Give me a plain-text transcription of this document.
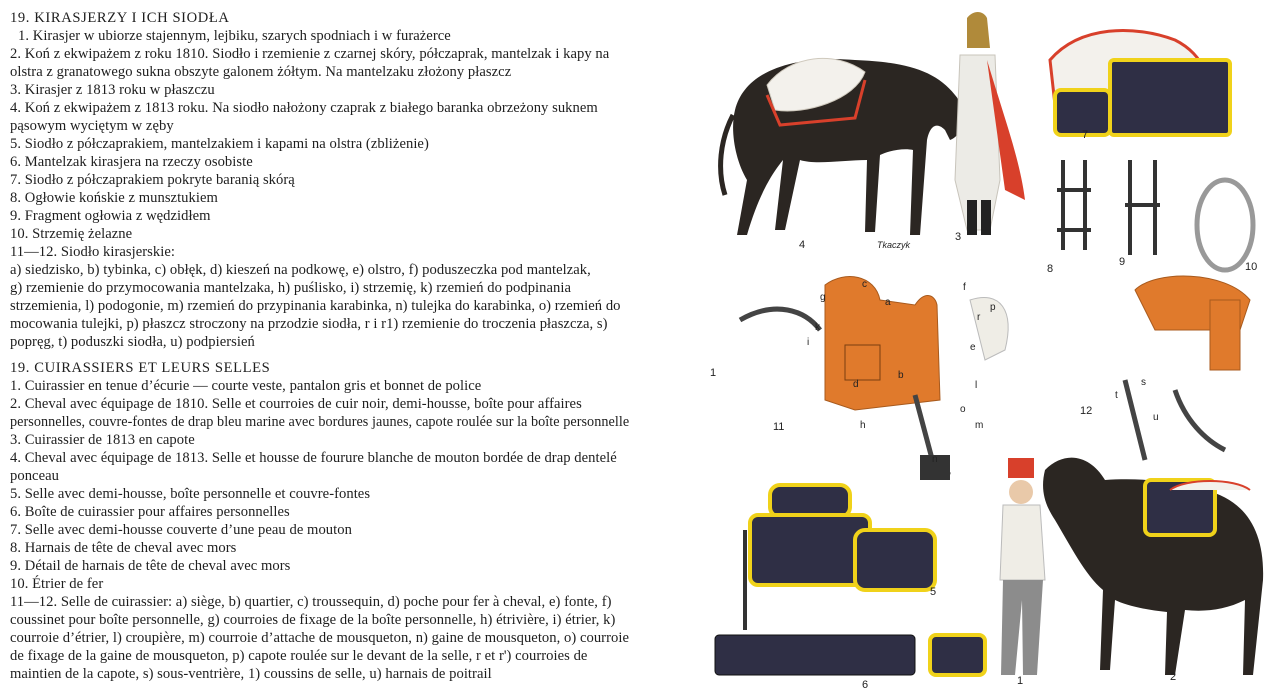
19. KIRASJERZY I ICH SIODŁA
1. Kirasjer w ubiorze stajennym, lejbiku, szarych spodniach i w furażerce
2. Koń z ekwipażem z roku 1810. Siodło i rzemienie z czarnej skóry, półczaprak, mantelzak i kapy na
olstra z granatowego sukna obszyte galonem żółtym. Na mantelzaku złożony płaszcz
3. Kirasjer z 1813 roku w płaszczu
4. Koń z ekwipażem z 1813 roku. Na siodło nałożony czaprak z białego baranka obrzeżony suknem
pąsowym wyciętym w zęby
5. Siodło z półczaprakiem, mantelzakiem i kapami na olstra (zbliżenie)
6. Mantelzak kirasjera na rzeczy osobiste
7. Siodło z półczaprakiem pokryte baranią skórą
8. Ogłowie końskie z munsztukiem
9. Fragment ogłowia z wędzidłem
10. Strzemię żelazne
11—12. Siodło kirasjerskie:
a) siedzisko, b) tybinka, c) obłęk, d) kieszeń na podkowę, e) olstro, f) poduszeczka pod mantelzak,
g) rzemienie do przymocowania mantelzaka, h) puślisko, i) strzemię, k) rzemień do podpinania
strzemienia, l) podogonie, m) rzemień do przypinania karabinka, n) tulejka do karabinka, o) rzemień do
mocowania tulejki, p) płaszcz stroczony na przodzie siodła, r i r1) rzemienie do troczenia płaszcza, s)
popręg, t) poduszki siodła, u) podpiersień
19. CUIRASSIERS ET LEURS SELLES
1. Cuirassier en tenue d’écurie — courte veste, pantalon gris et bonnet de police
2. Cheval avec équipage de 1810. Selle et courroies de cuir noir, demi-housse, boîte pour affaires
personnelles, couvre-fontes de drap bleu marine avec bordures jaunes, capote roulée sur la boîte personnelle
3. Cuirassier de 1813 en capote
4. Cheval avec équipage de 1813. Selle et housse de fourure blanche de mouton bordée de drap dentelé
ponceau
5. Selle avec demi-housse, boîte personnelle et couvre-fontes
6. Boîte de cuirassier pour affaires personnelles
7. Selle avec demi-housse couverte d’une peau de mouton
8. Harnais de tête de cheval avec mors
9. Détail de harnais de tête de cheval avec mors
10. Étrier de fer
11—12. Selle de cuirassier: a) siège, b) quartier, c) troussequin, d) poche pour fer à cheval, e) fonte, f)
coussinet pour boîte personnelle, g) courroies de fixage de la boîte personnelle, h) étrivière, i) étrier, k)
courroie d’étrier, l) croupière, m) courroie d’attache de mousqueton, n) gaine de mousqueton, o) courroie
de fixage de la gaine de mousqueton, p) capote roulée sur le devant de la selle, r et r') courroies de
maintien de la capote, s) sous-ventrière, 1) coussins de selle, u) harnais de poitrail
4
3
Tkaczyk
7
8
9	10
11
12
5
6	1	2
1
g
k
i
a
c	f
r
p
d
b
e
l
m
h
o
n
s
t
u
